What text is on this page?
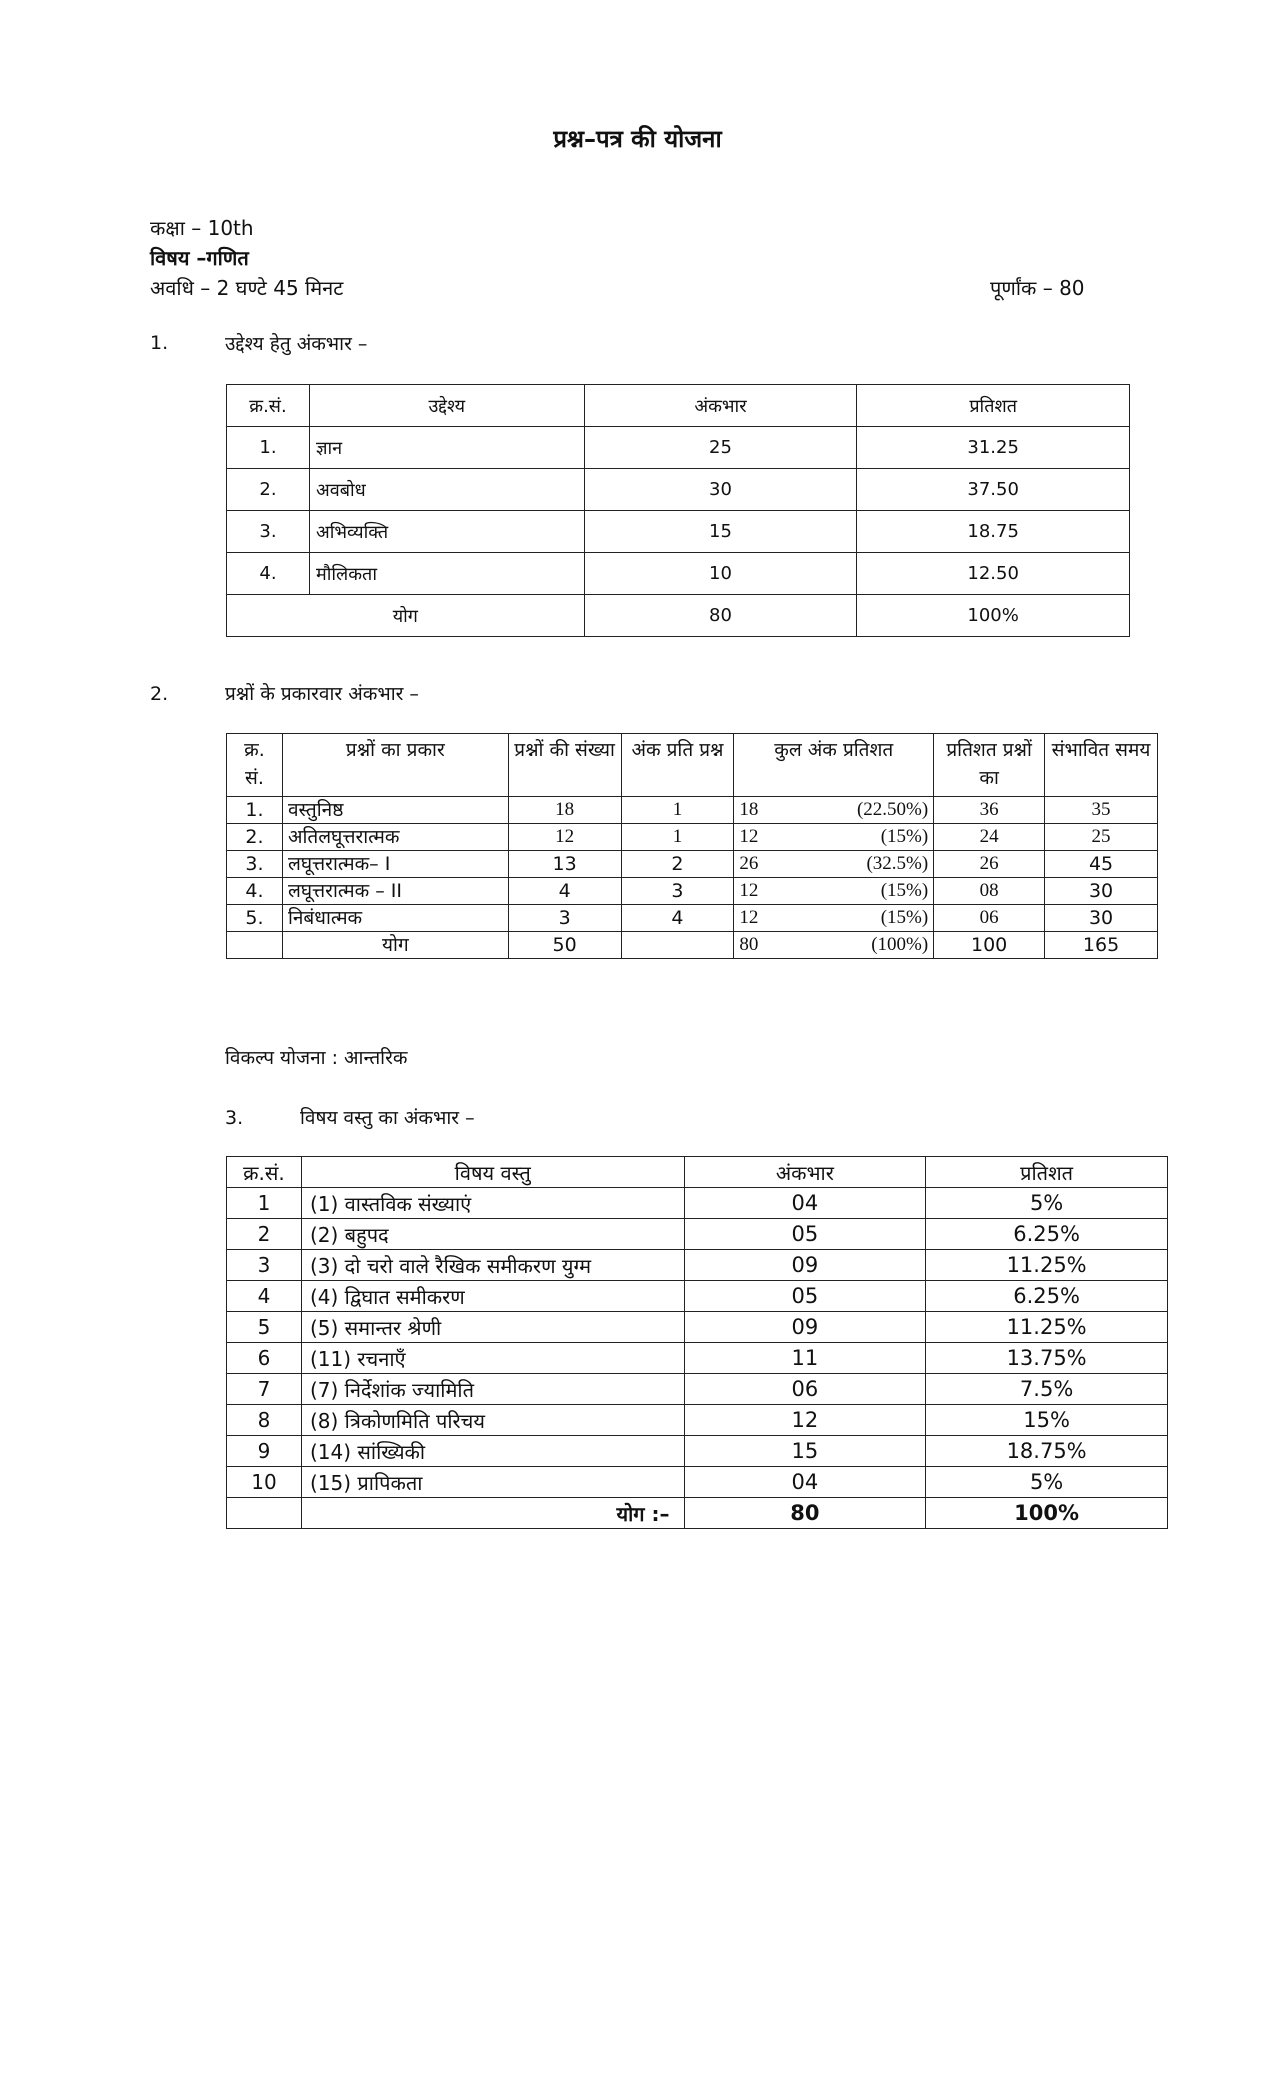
प्रश्न–पत्र की योजना
कक्षा – 10th
विषय –गणित
अवधि – 2 घण्टे 45 मिनट	पूर्णांक – 80
1.	उद्देश्य हेतु अंकभार –
क्र.सं.	उद्देश्य	अंकभार	प्रतिशत
1.	ज्ञान	25	31.25
2.	अवबोध	30	37.50
3.	अभिव्यक्ति	15	18.75
4.	मौलिकता	10	12.50
योग		80	100%
2.	प्रश्नों के प्रकारवार अंकभार –
क्र. सं.	प्रश्नों का प्रकार	प्रश्नों की संख्या	अंक प्रति प्रश्न	कुल अंक प्रतिशत	प्रतिशत प्रश्नों का	संभावित समय
1.	वस्तुनिष्ठ	18	1	18 (22.50%)	36	35
2.	अतिलघूत्तरात्मक	12	1	12 (15%)	24	25
3.	लघूत्तरात्मक– I	13	2	26 (32.5%)	26	45
4.	लघूत्तरात्मक – II	4	3	12 (15%)	08	30
5.	निबंधात्मक	3	4	12 (15%)	06	30
	योग	50		80 (100%)	100	165
विकल्प योजना : आन्तरिक
3.	विषय वस्तु का अंकभार –
क्र.सं.	विषय वस्तु	अंकभार	प्रतिशत
1	(1) वास्तविक संख्याएं	04	5%
2	(2) बहुपद	05	6.25%
3	(3) दो चरो वाले रैखिक समीकरण युग्म	09	11.25%
4	(4) द्विघात समीकरण	05	6.25%
5	(5) समान्तर श्रेणी	09	11.25%
6	(11) रचनाएँ	11	13.75%
7	(7) निर्देशांक ज्यामिति	06	7.5%
8	(8) त्रिकोणमिति परिचय	12	15%
9	(14) सांख्यिकी	15	18.75%
10	(15) प्रापिकता	04	5%
	योग :–	80	100%
